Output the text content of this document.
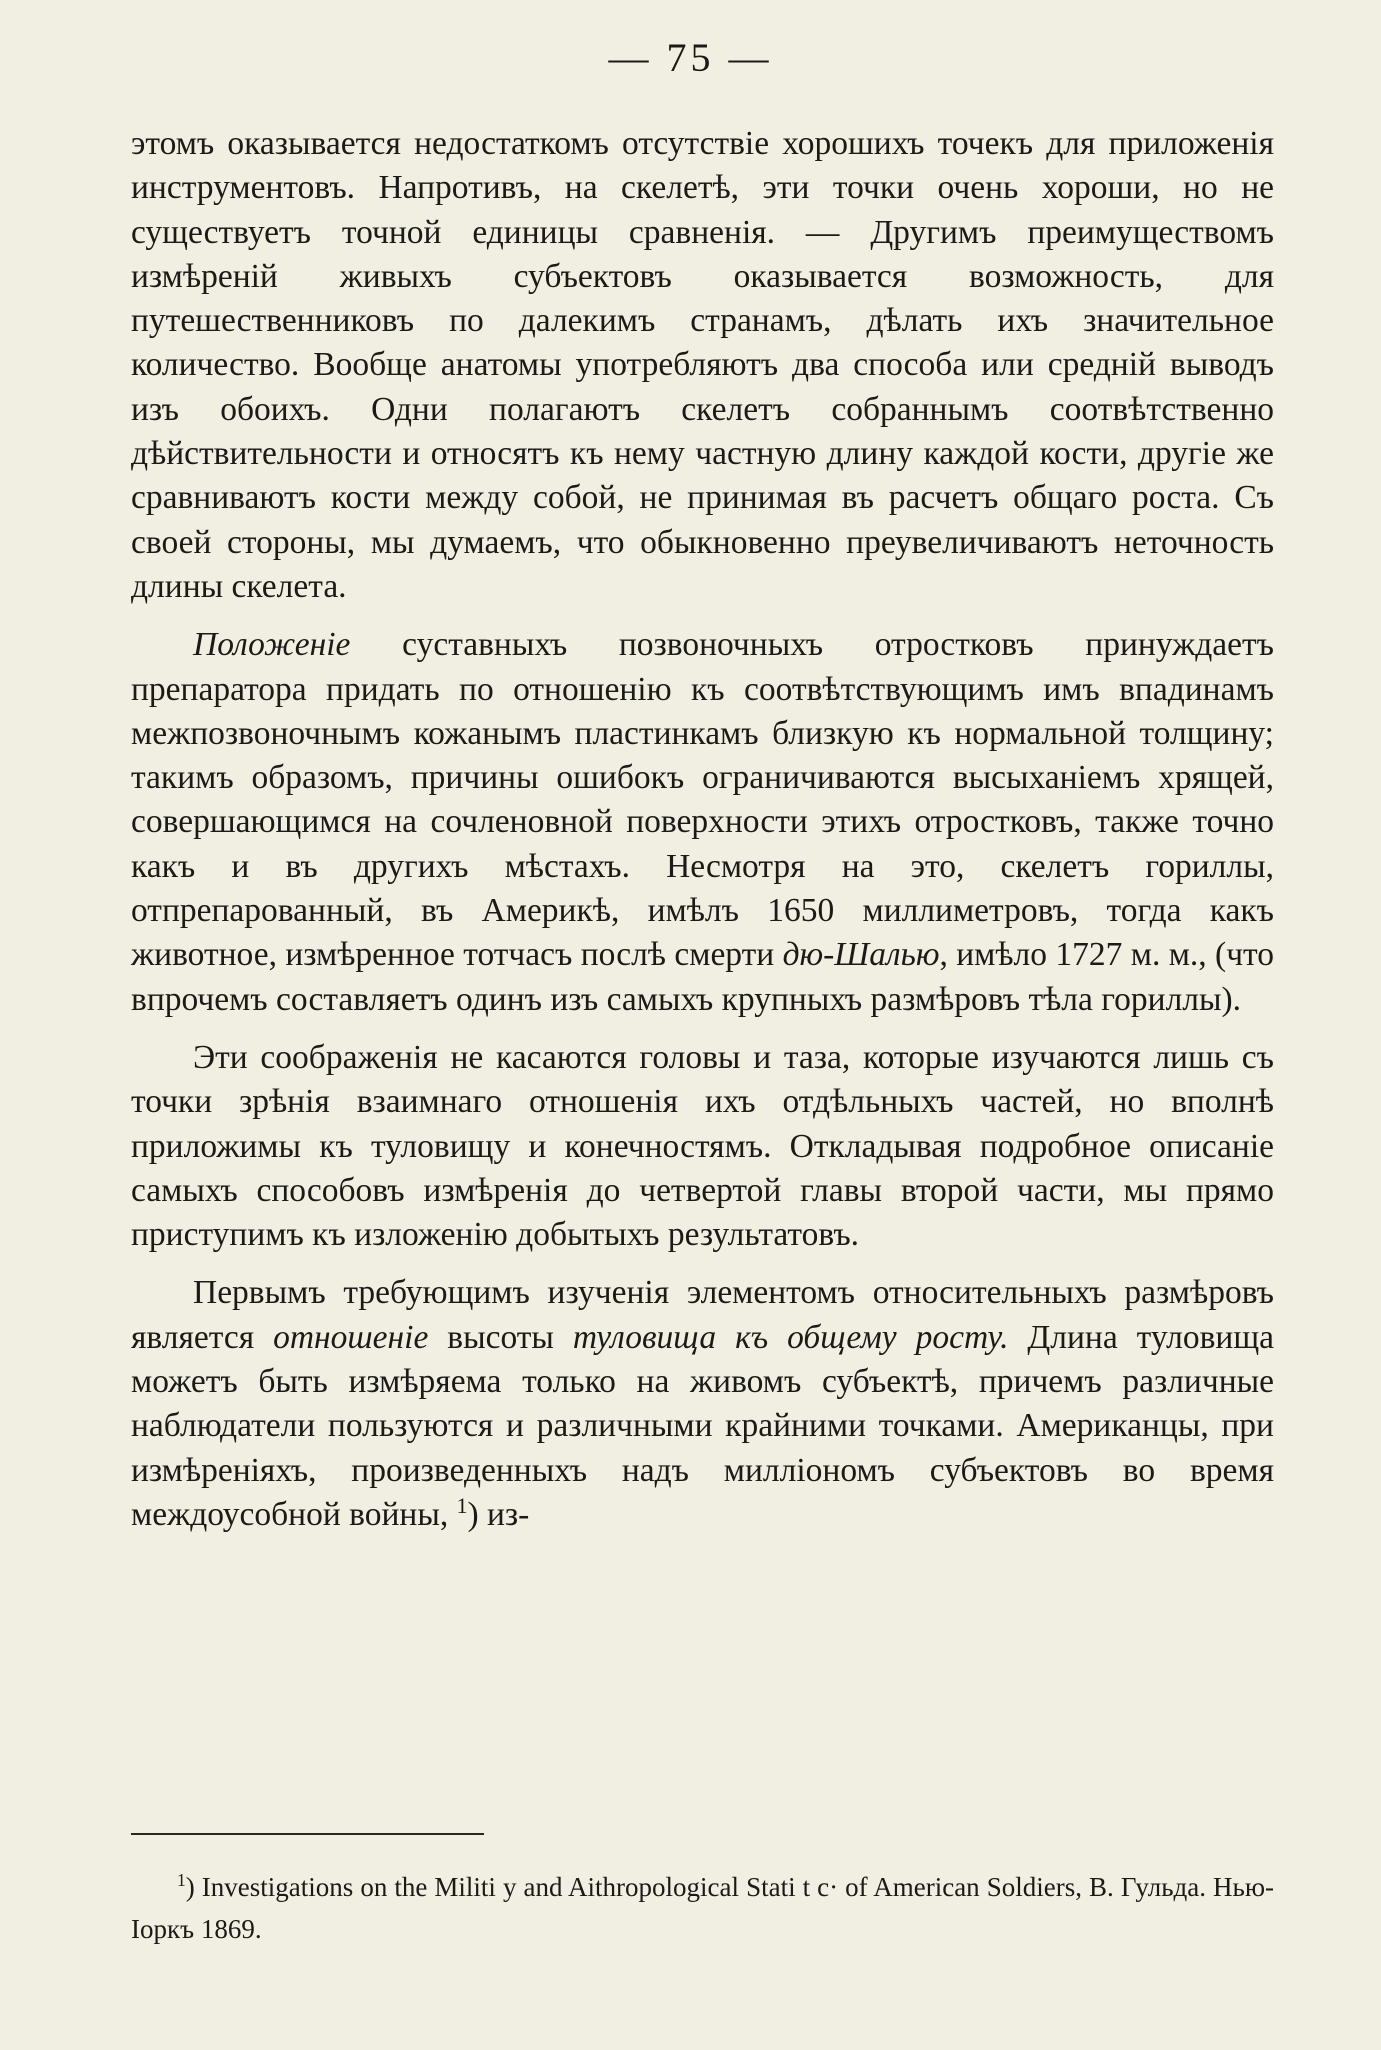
— 75 —

этомъ оказывается недостаткомъ отсутствіе хорошихъ точекъ для приложенія инструментовъ. Напротивъ, на скелетѣ, эти точки очень хороши, но не существуетъ точной единицы сравненія. — Другимъ преимуществомъ измѣреній живыхъ субъектовъ оказывается возможность, для путешественниковъ по далекимъ странамъ, дѣлать ихъ значительное количество. Вообще анатомы употребляютъ два способа или средній выводъ изъ обоихъ. Одни полагаютъ скелетъ собраннымъ соотвѣтственно дѣйствительности и относятъ къ нему частную длину каждой кости, другіе же сравниваютъ кости между собой, не принимая въ расчетъ общаго роста. Съ своей стороны, мы думаемъ, что обыкновенно преувеличиваютъ неточность длины скелета.

Положеніе суставныхъ позвоночныхъ отростковъ принуждаетъ препаратора придать по отношенію къ соотвѣтствующимъ имъ впадинамъ межпозвоночнымъ кожанымъ пластинкамъ близкую къ нормальной толщину; такимъ образомъ, причины ошибокъ ограничиваются высыханіемъ хрящей, совершающимся на сочленовной поверхности этихъ отростковъ, также точно какъ и въ другихъ мѣстахъ. Несмотря на это, скелетъ гориллы, отпрепарованный, въ Америкѣ, имѣлъ 1650 миллиметровъ, тогда какъ животное, измѣренное тотчасъ послѣ смерти дю-Шалью, имѣло 1727 м. м., (что впрочемъ составляетъ одинъ изъ самыхъ крупныхъ размѣровъ тѣла гориллы).

Эти соображенія не касаются головы и таза, которые изучаются лишь съ точки зрѣнія взаимнаго отношенія ихъ отдѣльныхъ частей, но вполнѣ приложимы къ туловищу и конечностямъ. Откладывая подробное описаніе самыхъ способовъ измѣренія до четвертой главы второй части, мы прямо приступимъ къ изложенію добытыхъ результатовъ.

Первымъ требующимъ изученія элементомъ относительныхъ размѣровъ является отношеніе высоты туловища къ общему росту. Длина туловища можетъ быть измѣряема только на живомъ субъектѣ, причемъ различные наблюдатели пользуются и различными крайними точками. Американцы, при измѣреніяхъ, произведенныхъ надъ милліономъ субъектовъ во время междоусобной войны, $^1$) из-

$^1$) Investigations on the Militi y and Aithropological Stati t c· of American Soldiers, B. Гульда. Нью-Іоркъ 1869.
